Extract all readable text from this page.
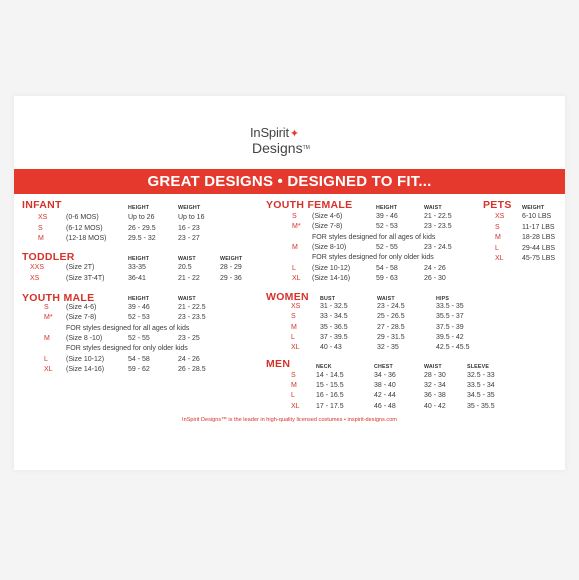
InSpirit✦
Designs™
GREAT DESIGNS • DESIGNED TO FIT...
INFANT	HEIGHT	WEIGHT
XS	(0-6 MOS)	Up to 26	Up to 16
S	(6-12 MOS)	26 - 29.5	16 - 23
M	(12-18 MOS)	29.5 - 32	23 - 27
TODDLER	HEIGHT	WAIST	WEIGHT
XXS	(Size 2T)	33-35	20.5	28 - 29
XS	(Size 3T-4T)	36-41	21 - 22	29 - 36
YOUTH MALE	HEIGHT	WAIST
S (Size 4-6)	39 - 46	21 - 22.5
M* (Size 7-8)	52 - 53	23 - 23.5
FOR styles designed for all ages of kids
M (Size 8 -10)	52 - 55	23 - 25
FOR styles designed for only older kids
L	(Size 10-12)	54 - 58	24 - 26
XL (Size 14-16)	59 - 62	26 - 28.5
YOUTH FEMALE	HEIGHT	WAIST
S (Size 4-6)	39 - 46	21 - 22.5
M* (Size 7-8)	52 - 53	23 - 23.5
FOR styles designed for all ages of kids
M (Size 8-10)	52 - 55	23 - 24.5
FOR styles designed for only older kids
L (Size 10-12)	54 - 58	24 - 26
XL (Size 14-16)	59 - 63	26 - 30
PETS WEIGHT
XS	6-10 LBS
S	11-17 LBS
M	18-28 LBS
L	29-44 LBS
XL	45-75 LBS
WOMEN BUST	WAIST	HIPS
XS	31 - 32.5	23 - 24.5	33.5 - 35
S	33 - 34.5	25 - 26.5	35.5 - 37
M	35 - 36.5	27 - 28.5	37.5 - 39
L	37 - 39.5	29 - 31.5	39.5 - 42
XL	40 - 43	32 - 35	42.5 - 45.5
MEN	NECK	CHEST	WAIST	SLEEVE
S	14 - 14.5	34 - 36	28 - 30	32.5 - 33
M	15 - 15.5	38 - 40	32 - 34	33.5 - 34
L	16 - 16.5	42 - 44	36 - 38	34.5 - 35
XL 17 - 17.5	46 - 48	40 - 42	35 - 35.5
InSpirit Designs™ is the leader in high-quality licensed costumes • inspirit-designs.com
